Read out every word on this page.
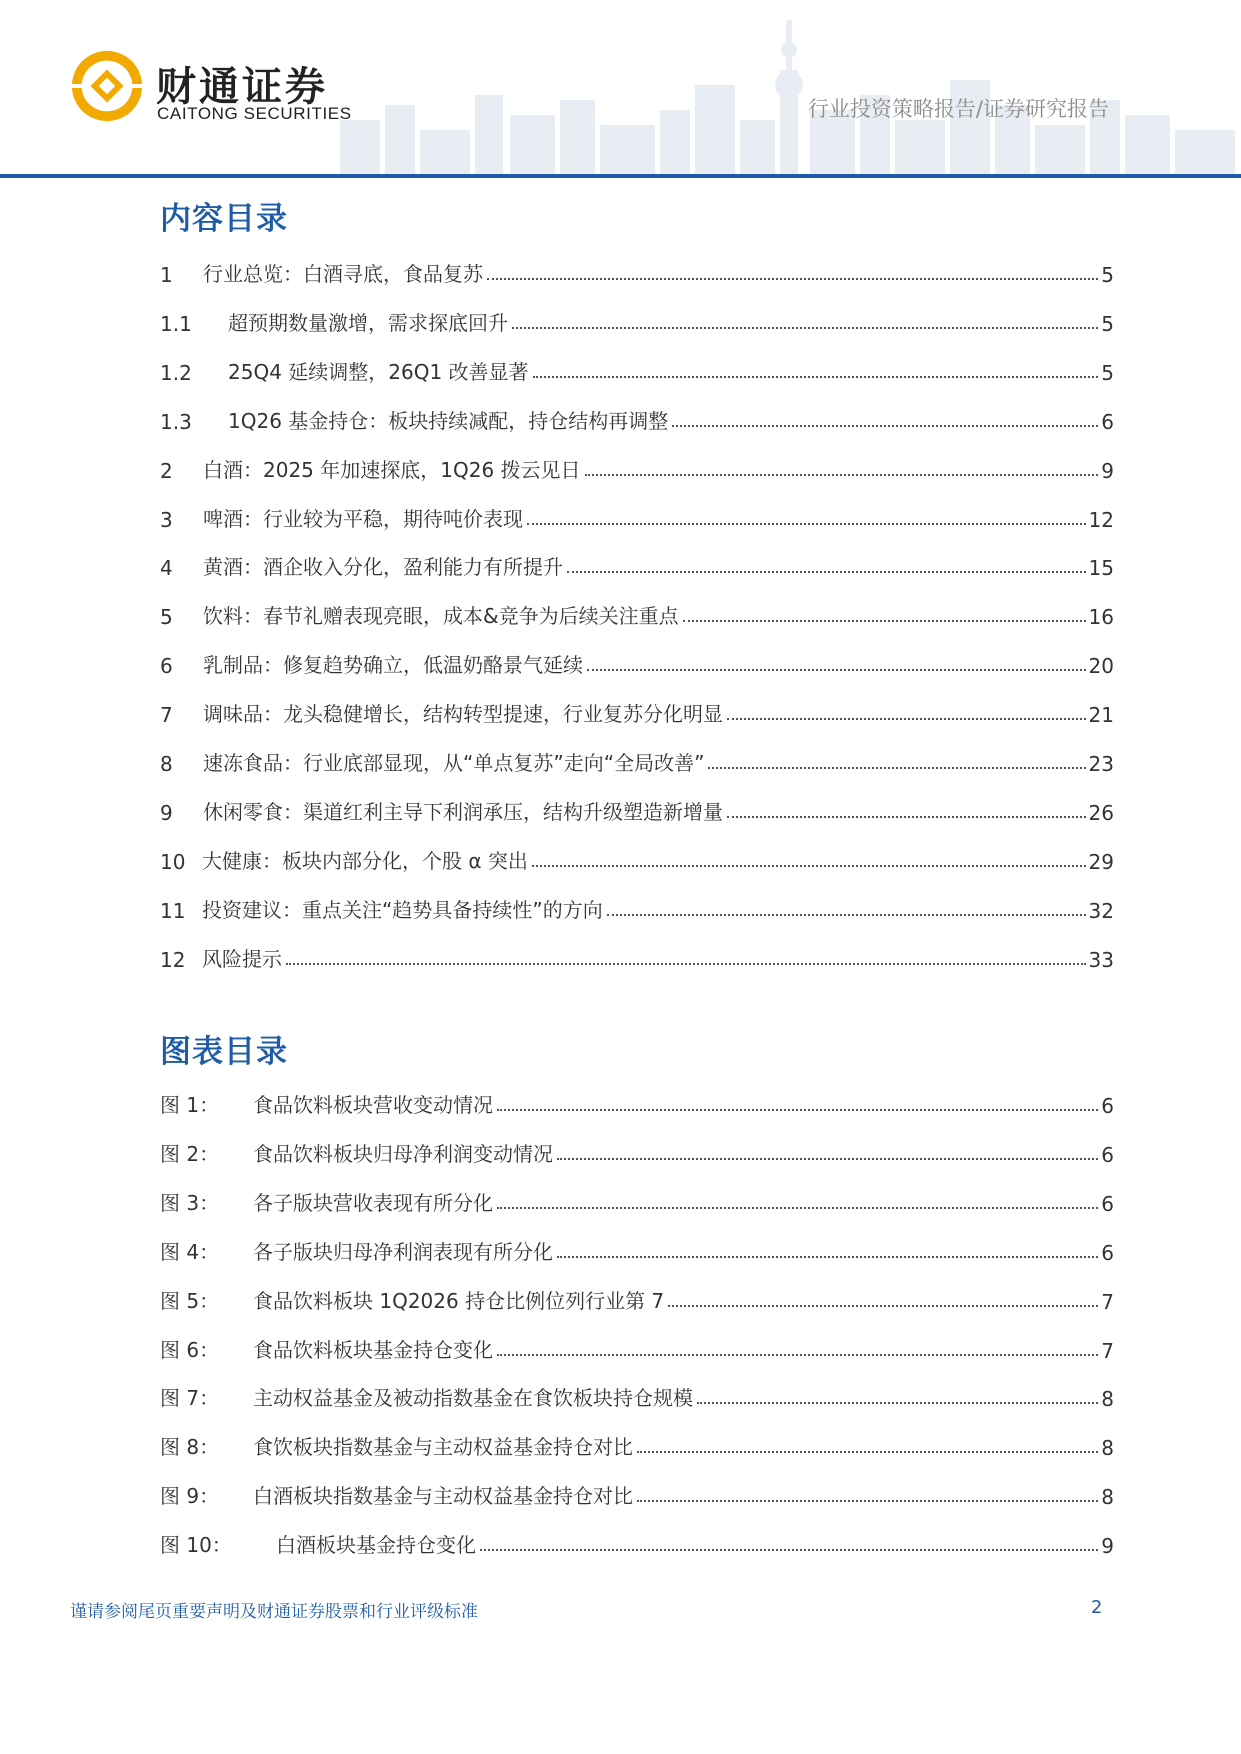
财通证券
CAITONG SECURITIES	行业投资策略报告/证券研究报告
内容目录
1	行业总览：白酒寻底，食品复苏	5
1.1	超预期数量激增，需求探底回升	5
1.2	25Q4 延续调整，26Q1 改善显著	5
1.3	1Q26 基金持仓：板块持续减配，持仓结构再调整	6
2	白酒：2025 年加速探底，1Q26 拨云见日	9
3	啤酒：行业较为平稳，期待吨价表现	12
4	黄酒：酒企收入分化，盈利能力有所提升	15
5	饮料：春节礼赠表现亮眼，成本&竞争为后续关注重点	16
6	乳制品：修复趋势确立，低温奶酪景气延续	20
7	调味品：龙头稳健增长，结构转型提速，行业复苏分化明显	21
8	速冻食品：行业底部显现，从“单点复苏”走向“全局改善”	23
9	休闲零食：渠道红利主导下利润承压，结构升级塑造新增量	26
10 大健康：板块内部分化，个股 α 突出	29
11 投资建议：重点关注“趋势具备持续性”的方向	32
12 风险提示	33
图表目录
图 1：	食品饮料板块营收变动情况	6
图 2：	食品饮料板块归母净利润变动情况	6
图 3：	各子版块营收表现有所分化	6
图 4：	各子版块归母净利润表现有所分化	6
图 5：	食品饮料板块 1Q2026 持仓比例位列行业第 7	7
图 6：	食品饮料板块基金持仓变化	7
图 7：	主动权益基金及被动指数基金在食饮板块持仓规模	8
图 8：	食饮板块指数基金与主动权益基金持仓对比	8
图 9：	白酒板块指数基金与主动权益基金持仓对比	8
图 10：	白酒板块基金持仓变化	9
谨请参阅尾页重要声明及财通证券股票和行业评级标准	2
